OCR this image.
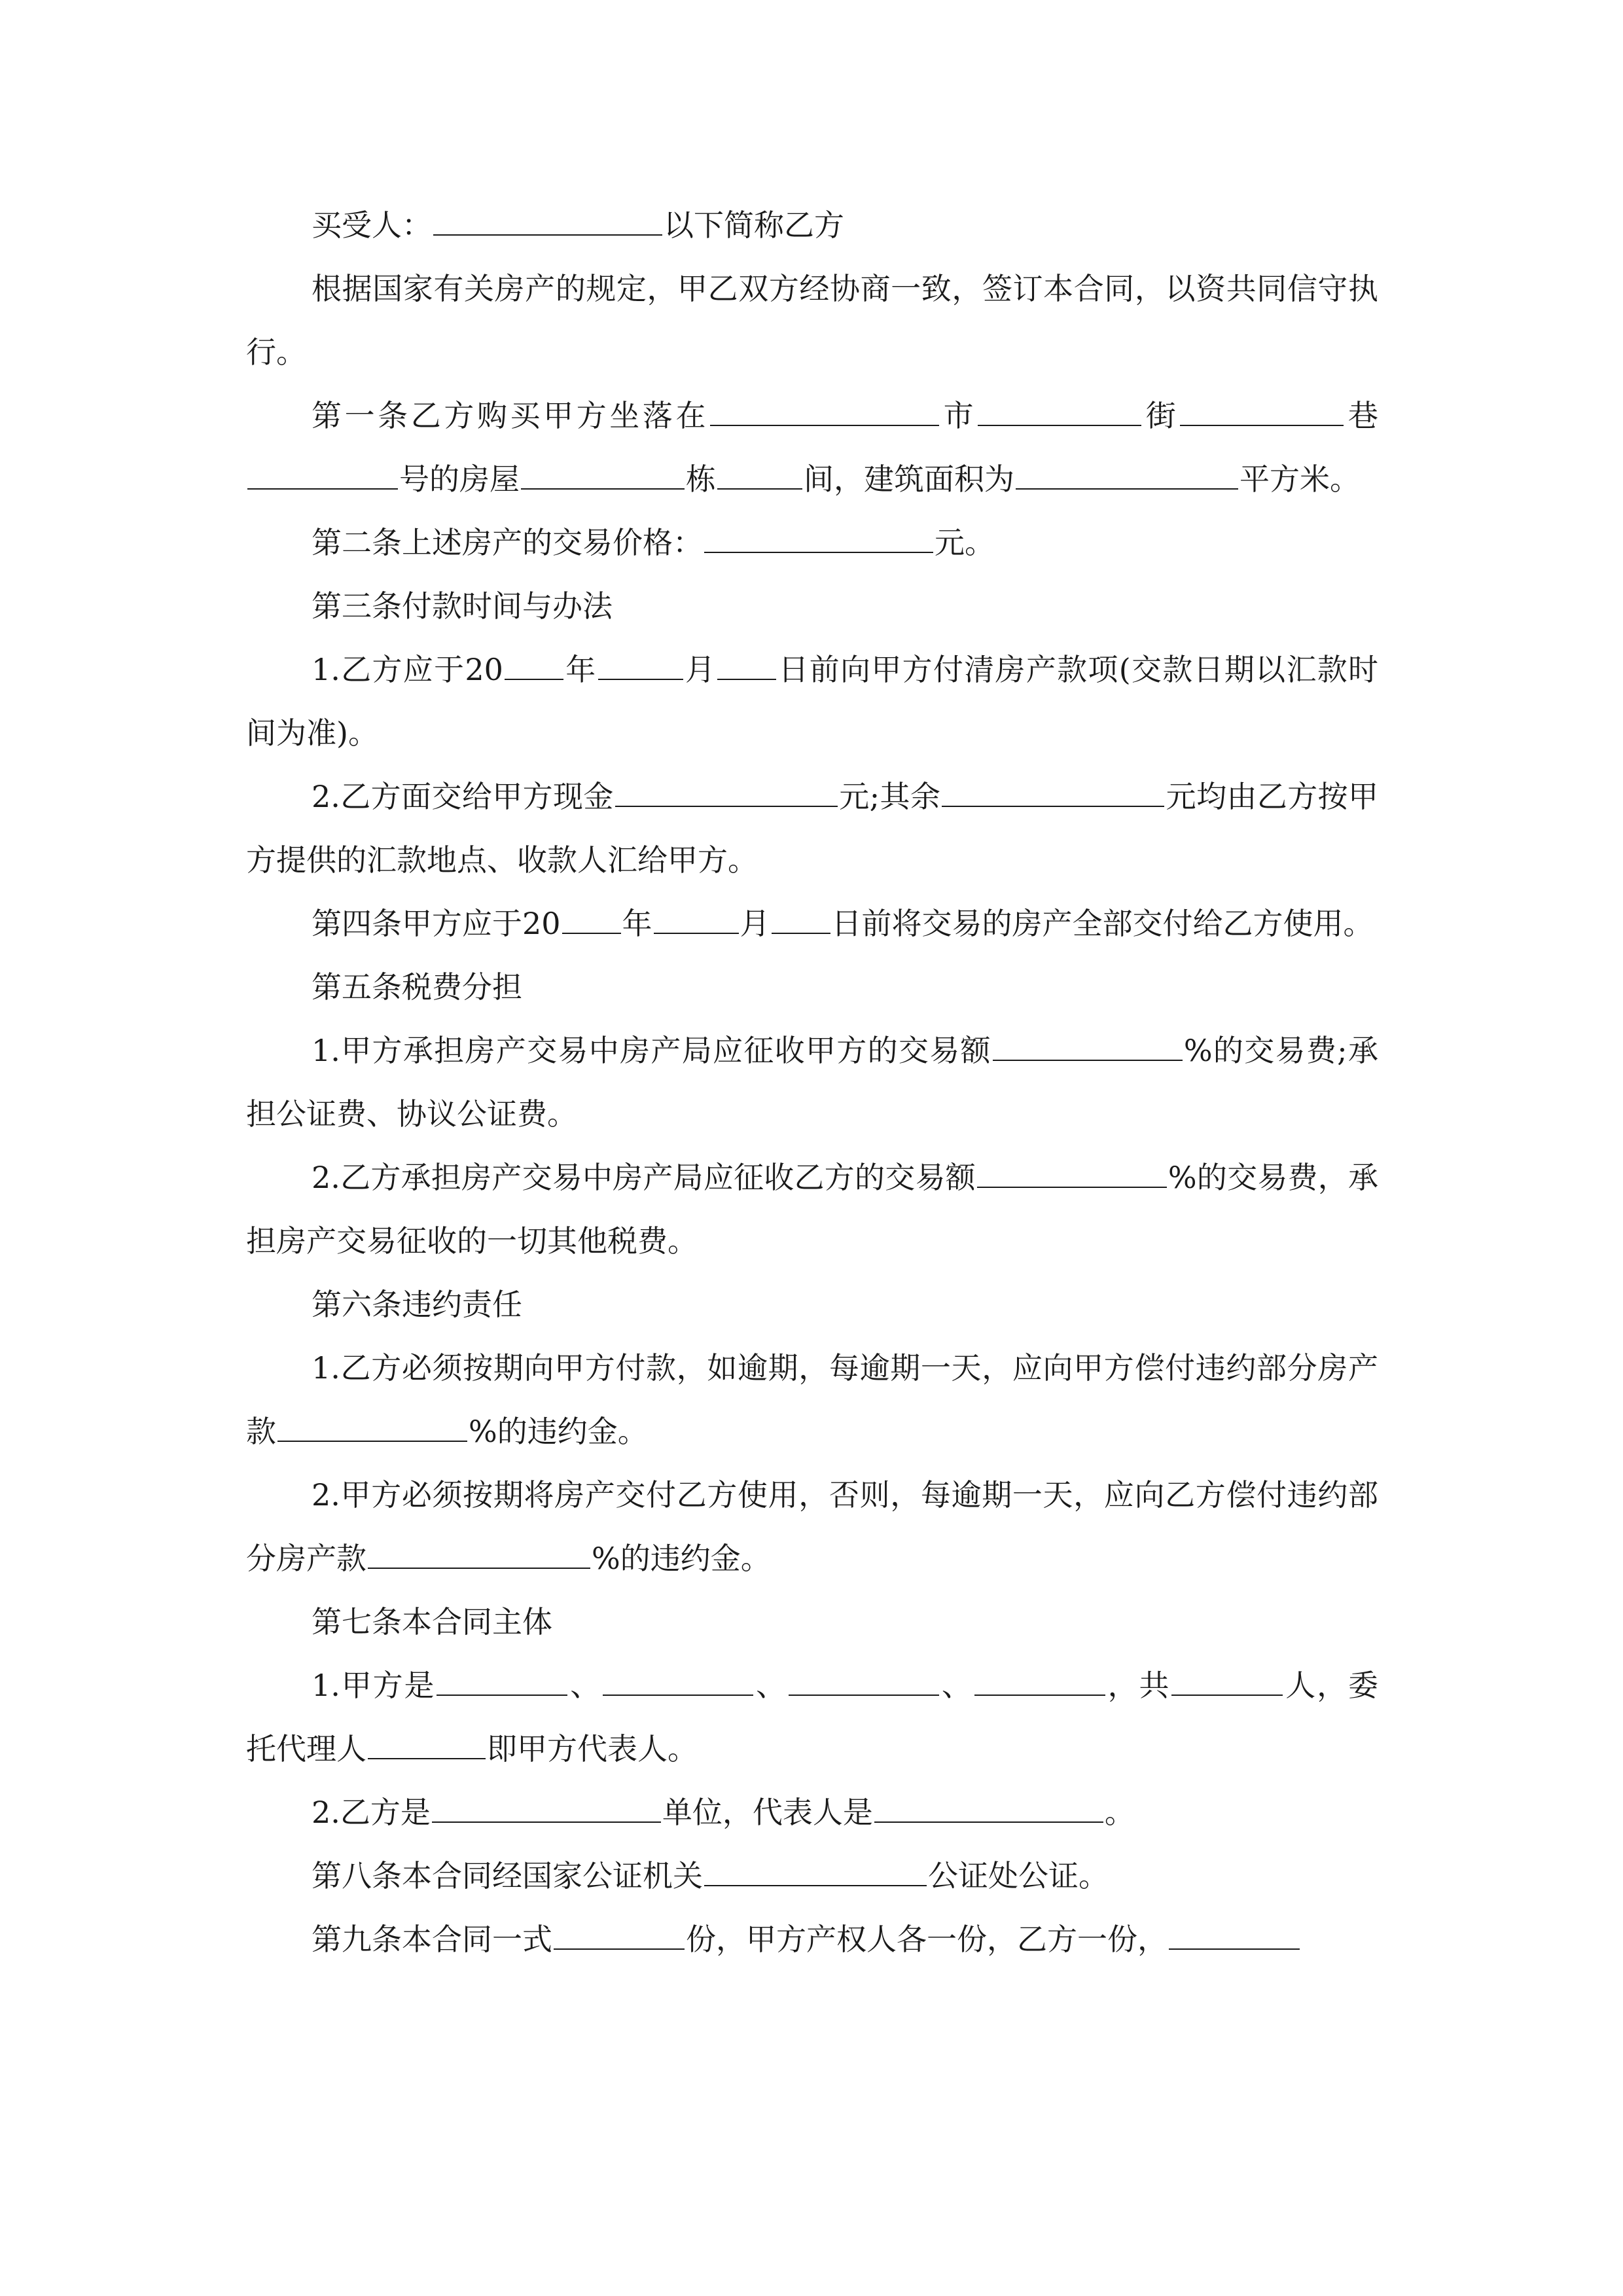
买受人：	以下简称乙方

根据国家有关房产的规定，甲乙双方经协商一致，签订本合同，以资共同信守执行。

第一条乙方购买甲方坐落在	市	街	巷号的房屋	栋	间，建筑面积为	平方米。

第二条上述房产的交易价格：	元。

第三条付款时间与办法

1.乙方应于20 年	月 日前向甲方付清房产款项(交款日期以汇款时间为准)。

2.乙方面交给甲方现金	元;其余	元均由乙方按甲方提供的汇款地点、收款人汇给甲方。

第四条甲方应于20 年	月 日前将交易的房产全部交付给乙方使用。

第五条税费分担

1.甲方承担房产交易中房产局应征收甲方的交易额	%的交易费;承担公证费、协议公证费。

2.乙方承担房产交易中房产局应征收乙方的交易额	%的交易费，承担房产交易征收的一切其他税费。

第六条违约责任

1.乙方必须按期向甲方付款，如逾期，每逾期一天，应向甲方偿付违约部分房产款	%的违约金。

2.甲方必须按期将房产交付乙方使用，否则，每逾期一天，应向乙方偿付违约部分房产款	%的违约金。

第七条本合同主体

1.甲方是	、	、	、	，共	人，委托代理人	即甲方代表人。

2.乙方是	单位，代表人是	。

第八条本合同经国家公证机关	公证处公证。

第九条本合同一式	份，甲方产权人各一份，乙方一份，
